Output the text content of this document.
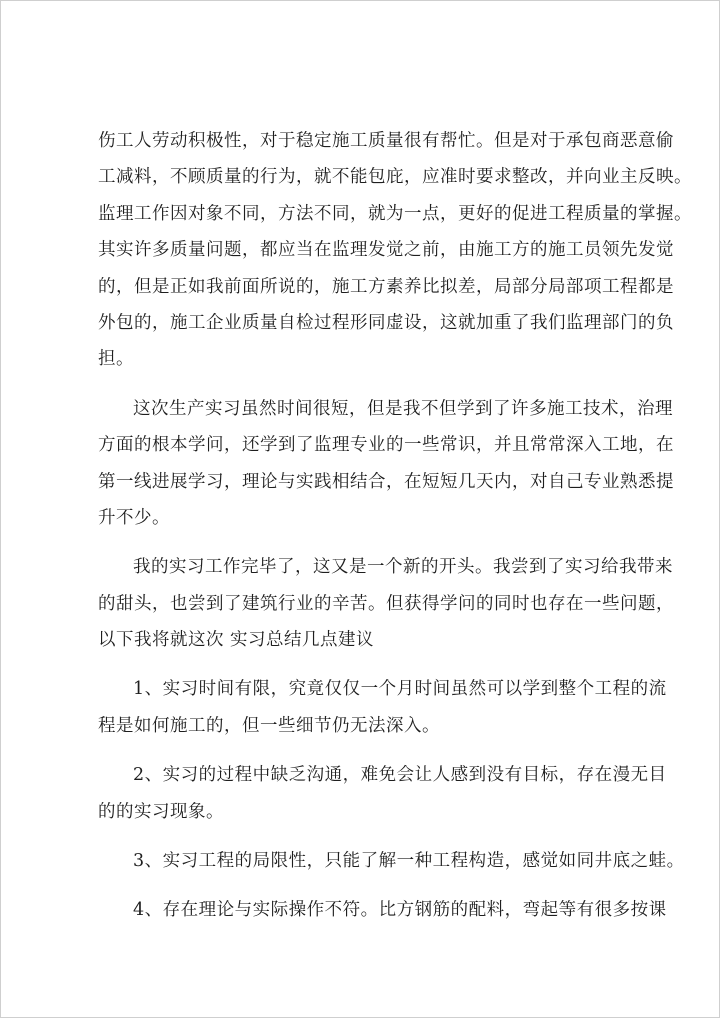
伤工人劳动积极性，对于稳定施工质量很有帮忙。但是对于承包商恶意偷
工减料，不顾质量的行为，就不能包庇，应准时要求整改，并向业主反映。
监理工作因对象不同，方法不同，就为一点，更好的促进工程质量的掌握。
其实许多质量问题，都应当在监理发觉之前，由施工方的施工员领先发觉
的，但是正如我前面所说的，施工方素养比拟差，局部分局部项工程都是
外包的，施工企业质量自检过程形同虚设，这就加重了我们监理部门的负
担。
这次生产实习虽然时间很短，但是我不但学到了许多施工技术，治理
方面的根本学问，还学到了监理专业的一些常识，并且常常深入工地，在
第一线进展学习，理论与实践相结合，在短短几天内，对自己专业熟悉提
升不少。
我的实习工作完毕了，这又是一个新的开头。我尝到了实习给我带来
的甜头，也尝到了建筑行业的辛苦。但获得学问的同时也存在一些问题，
以下我将就这次 实习总结几点建议
1、实习时间有限，究竟仅仅一个月时间虽然可以学到整个工程的流
程是如何施工的，但一些细节仍无法深入。
2、实习的过程中缺乏沟通，难免会让人感到没有目标，存在漫无目
的的实习现象。
3、实习工程的局限性，只能了解一种工程构造，感觉如同井底之蛙。
4、存在理论与实际操作不符。比方钢筋的配料，弯起等有很多按课
